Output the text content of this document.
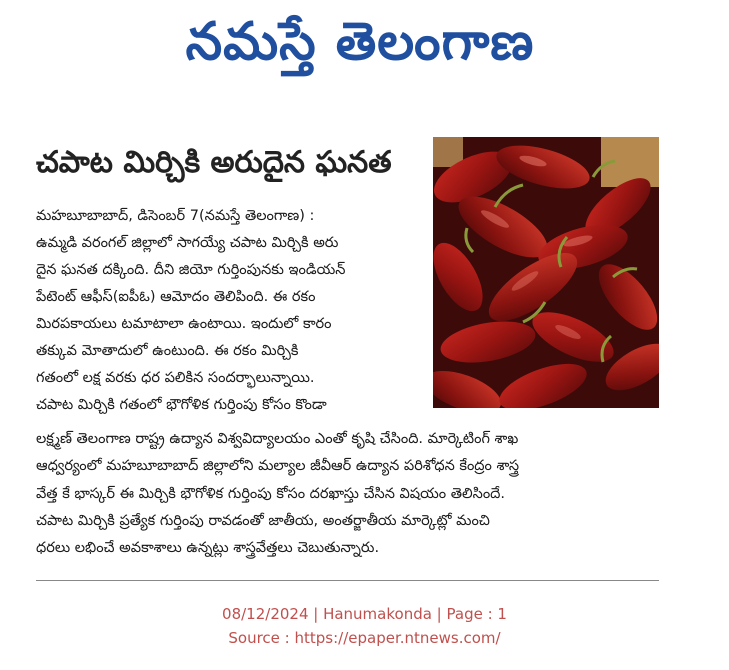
నమస్తే తెలంగాణ
చపాట మిర్చికి అరుదైన ఘనత
మహబూబాబాద్, డిసెంబర్ 7(నమస్తే తెలంగాణ) :
ఉమ్మడి వరంగల్ జిల్లాలో సాగయ్యే చపాట మిర్చికి అరు
దైన ఘనత దక్కింది. దీని జియో గుర్తింపునకు ఇండియన్
పేటెంట్ ఆఫీస్(ఐపీఓ) ఆమోదం తెలిపింది. ఈ రకం
మిరపకాయలు టమాటాలా ఉంటాయి. ఇందులో కారం
తక్కువ మోతాదులో ఉంటుంది. ఈ రకం మిర్చికి
గతంలో లక్ష వరకు ధర పలికిన సందర్భాలున్నాయి.
చపాట మిర్చికి గతంలో భౌగోళిక గుర్తింపు కోసం కొండా
లక్ష్మణ్ తెలంగాణ రాష్ట్ర ఉద్యాన విశ్వవిద్యాలయం ఎంతో కృషి చేసింది. మార్కెటింగ్ శాఖ
ఆధ్వర్యంలో మహబూబాబాద్ జిల్లాలోని మల్యాల జీవీఆర్ ఉద్యాన పరిశోధన కేంద్రం శాస్త్ర
వేత్త కే భాస్కర్ ఈ మిర్చికి భౌగోళిక గుర్తింపు కోసం దరఖాస్తు చేసిన విషయం తెలిసిందే.
చపాట మిర్చికి ప్రత్యేక గుర్తింపు రావడంతో జాతీయ, అంతర్జాతీయ మార్కెట్లో మంచి
ధరలు లభించే అవకాశాలు ఉన్నట్లు శాస్త్రవేత్తలు చెబుతున్నారు.
08/12/2024 | Hanumakonda | Page : 1
Source : https://epaper.ntnews.com/
